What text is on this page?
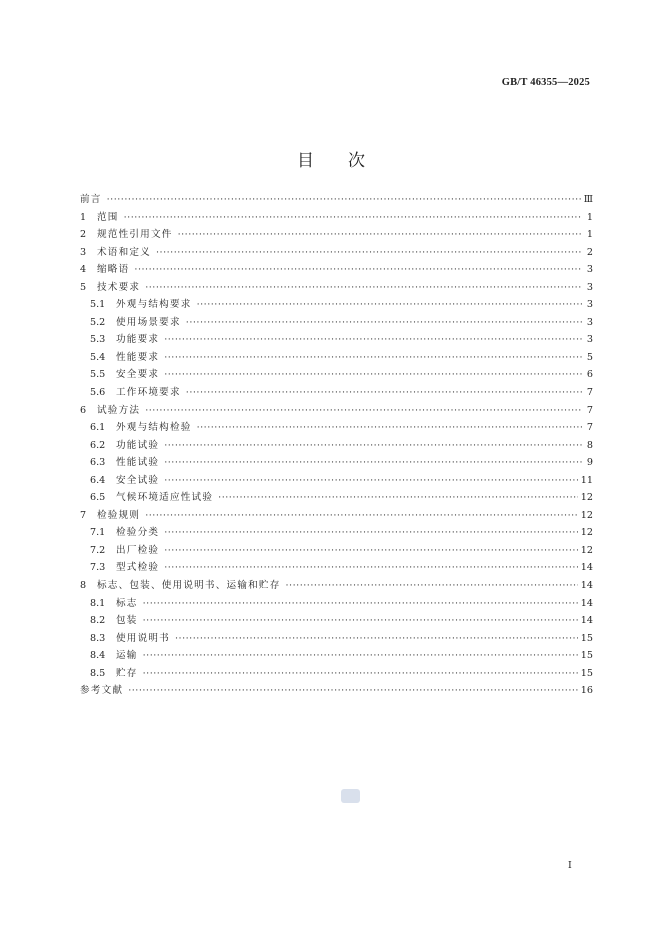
GB/T 46355—2025
目次
前言 ·····	Ⅲ
1	范围 ·····	1
2	规范性引用文件 ·····	1
3	术语和定义 ·····	2
4	缩略语 ·····	3
5	技术要求 ·····	3
5.1	外观与结构要求 ·····	3
5.2	使用场景要求 ·····	3
5.3	功能要求 ·····	3
5.4	性能要求 ·····	5
5.5	安全要求 ·····	6
5.6	工作环境要求 ·····	7
6	试验方法 ·····	7
6.1	外观与结构检验 ·····	7
6.2	功能试验 ·····	8
6.3	性能试验 ·····	9
6.4	安全试验 ·····	11
6.5	气候环境适应性试验 ·····	12
7	检验规则 ·····	12
7.1	检验分类 ·····	12
7.2	出厂检验 ·····	12
7.3	型式检验 ·····	14
8	标志、包装、使用说明书、运输和贮存 ·····	14
8.1	标志 ·····	14
8.2	包装 ·····	14
8.3	使用说明书 ·····	15
8.4	运输 ·····	15
8.5	贮存 ·····	15
参考文献 ·····	16
Ⅰ
